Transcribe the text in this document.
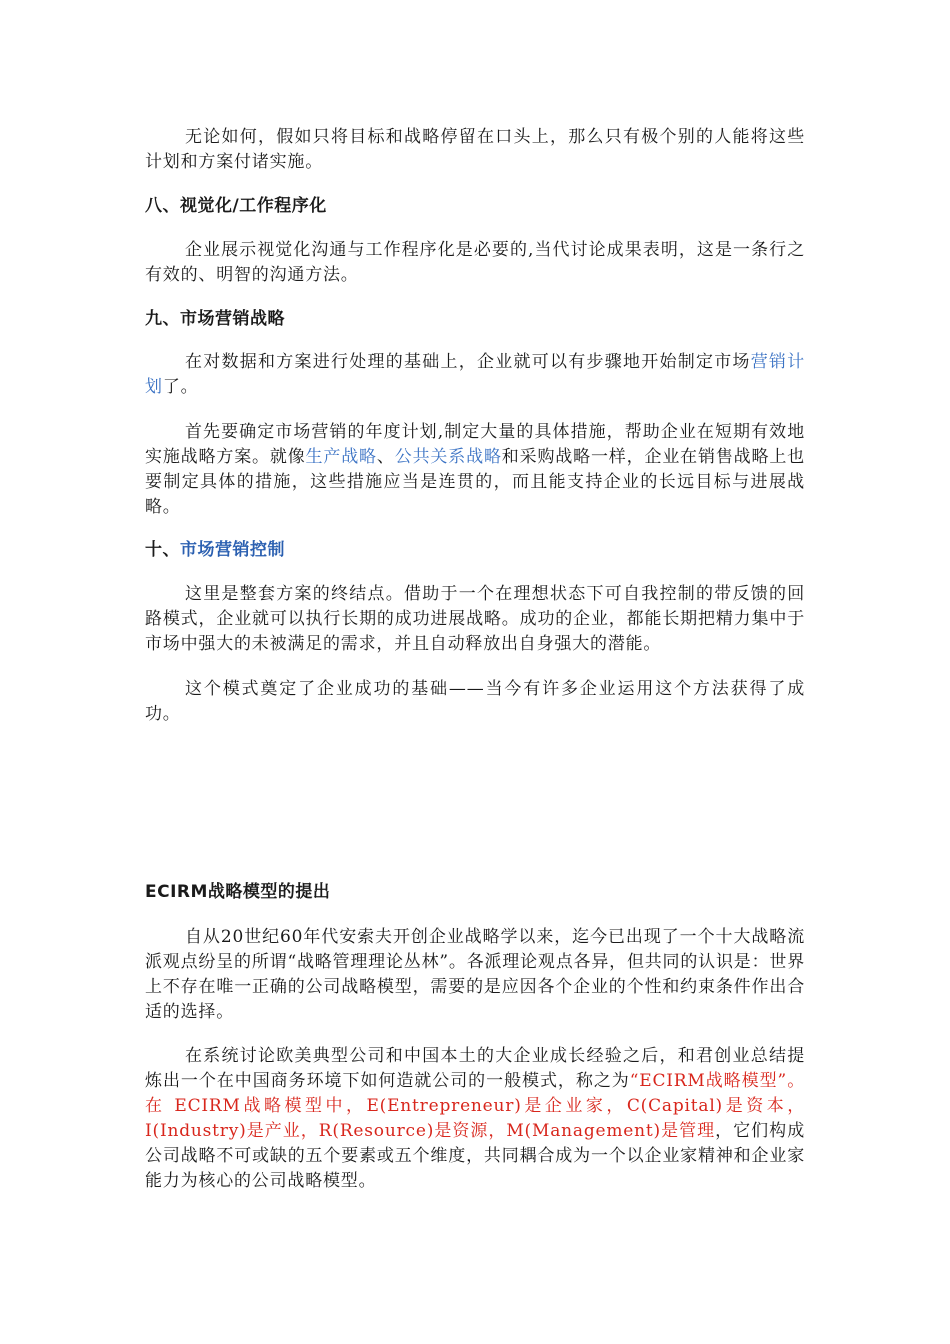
无论如何，假如只将目标和战略停留在口头上，那么只有极个别的人能将这些计划和方案付诸实施。

八、视觉化/工作程序化

企业展示视觉化沟通与工作程序化是必要的,当代讨论成果表明，这是一条行之有效的、明智的沟通方法。

九、市场营销战略

在对数据和方案进行处理的基础上，企业就可以有步骤地开始制定市场营销计划了。

首先要确定市场营销的年度计划,制定大量的具体措施，帮助企业在短期有效地实施战略方案。就像生产战略、公共关系战略和采购战略一样，企业在销售战略上也要制定具体的措施，这些措施应当是连贯的，而且能支持企业的长远目标与进展战略。

十、市场营销控制

这里是整套方案的终结点。借助于一个在理想状态下可自我控制的带反馈的回路模式，企业就可以执行长期的成功进展战略。成功的企业，都能长期把精力集中于市场中强大的未被满足的需求，并且自动释放出自身强大的潜能。

这个模式奠定了企业成功的基础——当今有许多企业运用这个方法获得了成功。

ECIRM战略模型的提出

自从20世纪60年代安索夫开创企业战略学以来，迄今已出现了一个十大战略流派观点纷呈的所谓“战略管理理论丛林”。各派理论观点各异，但共同的认识是：世界上不存在唯一正确的公司战略模型，需要的是应因各个企业的个性和约束条件作出合适的选择。

在系统讨论欧美典型公司和中国本土的大企业成长经验之后，和君创业总结提炼出一个在中国商务环境下如何造就公司的一般模式，称之为“ECIRM战略模型”。在 ECIRM战略模型中，E(Entrepreneur)是企业家，C(Capital)是资本，I(Industry)是产业，R(Resource)是资源，M(Management)是管理，它们构成公司战略不可或缺的五个要素或五个维度，共同耦合成为一个以企业家精神和企业家能力为核心的公司战略模型。
